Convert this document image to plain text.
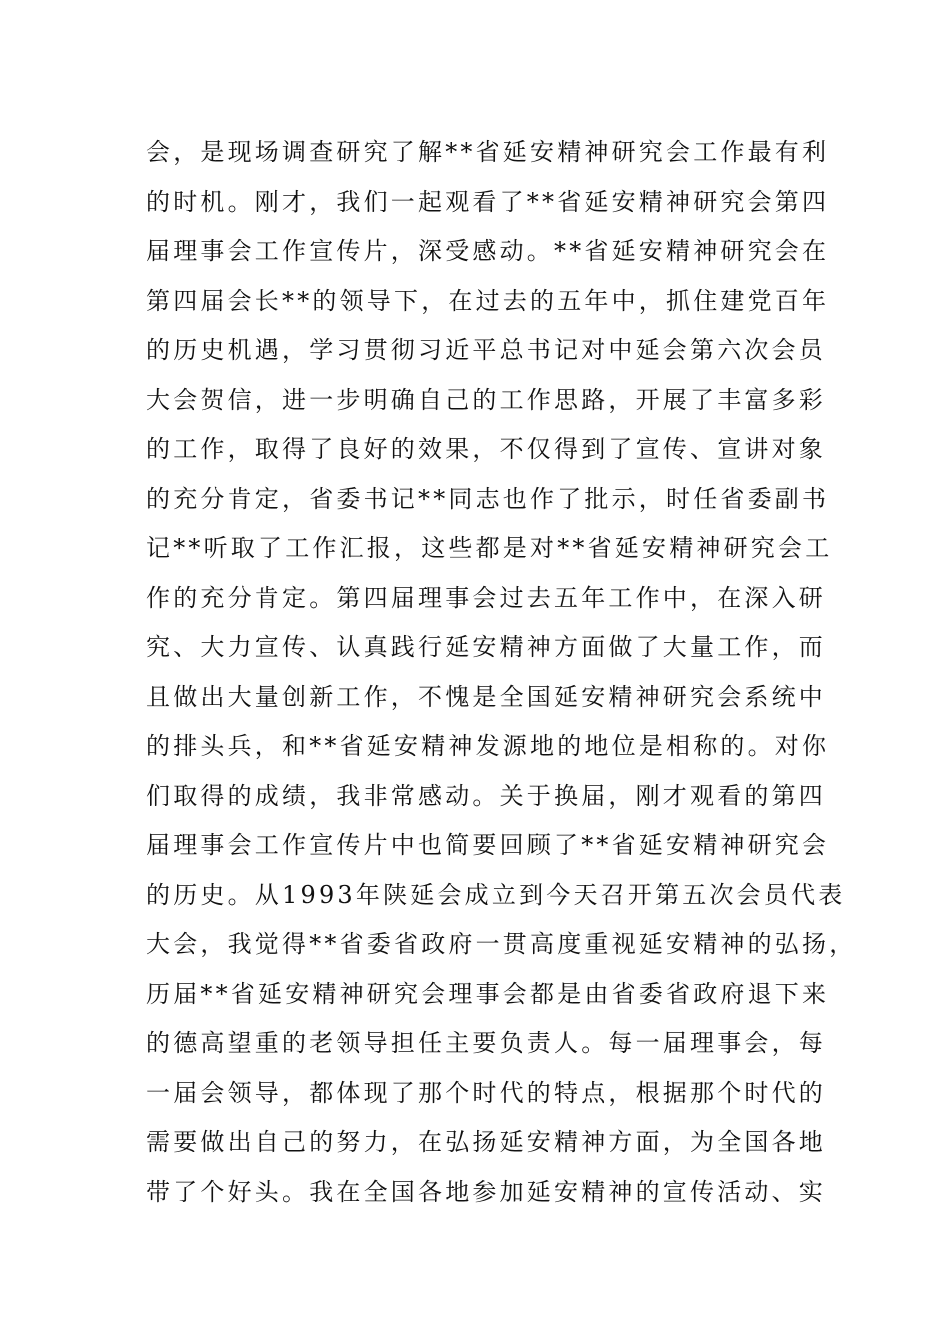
会，是现场调查研究了解**省延安精神研究会工作最有利
的时机。刚才，我们一起观看了**省延安精神研究会第四
届理事会工作宣传片，深受感动。**省延安精神研究会在
第四届会长**的领导下，在过去的五年中，抓住建党百年
的历史机遇，学习贯彻习近平总书记对中延会第六次会员
大会贺信，进一步明确自己的工作思路，开展了丰富多彩
的工作，取得了良好的效果，不仅得到了宣传、宣讲对象
的充分肯定，省委书记**同志也作了批示，时任省委副书
记**听取了工作汇报，这些都是对**省延安精神研究会工
作的充分肯定。第四届理事会过去五年工作中，在深入研
究、大力宣传、认真践行延安精神方面做了大量工作，而
且做出大量创新工作，不愧是全国延安精神研究会系统中
的排头兵，和**省延安精神发源地的地位是相称的。对你
们取得的成绩，我非常感动。关于换届，刚才观看的第四
届理事会工作宣传片中也简要回顾了**省延安精神研究会
的历史。从1993年陕延会成立到今天召开第五次会员代表
大会，我觉得**省委省政府一贯高度重视延安精神的弘扬，
历届**省延安精神研究会理事会都是由省委省政府退下来
的德高望重的老领导担任主要负责人。每一届理事会，每
一届会领导，都体现了那个时代的特点，根据那个时代的
需要做出自己的努力，在弘扬延安精神方面，为全国各地
带了个好头。我在全国各地参加延安精神的宣传活动、实
